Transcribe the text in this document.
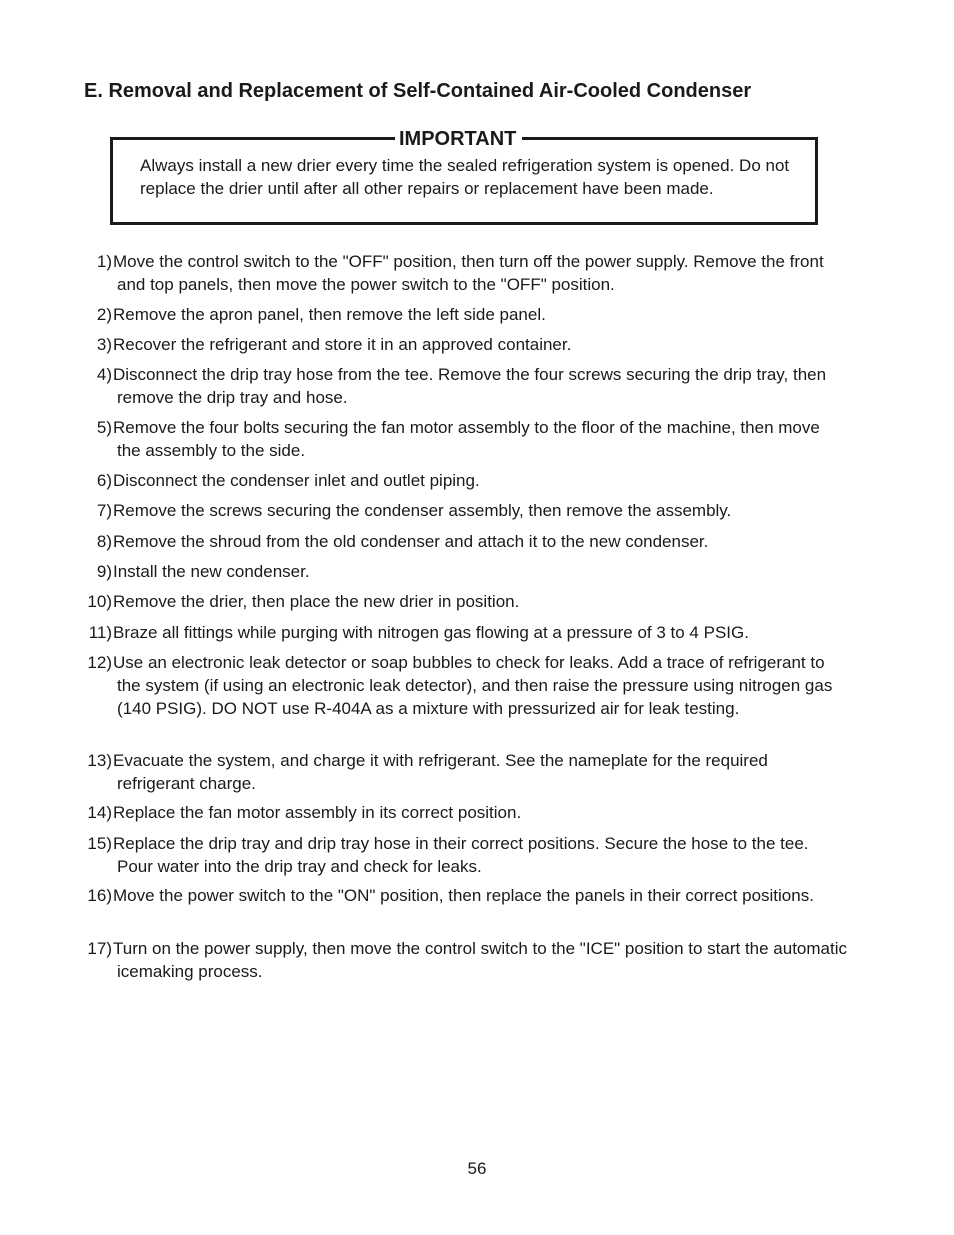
E. Removal and Replacement of Self-Contained Air-Cooled Condenser
IMPORTANT
Always install a new drier every time the sealed refrigeration system is opened. Do not replace the drier until after all other repairs or replacement have been made.
1) Move the control switch to the "OFF" position, then turn off the power supply. Remove the front and top panels, then move the power switch to the "OFF" position.
2) Remove the apron panel, then remove the left side panel.
3) Recover the refrigerant and store it in an approved container.
4) Disconnect the drip tray hose from the tee. Remove the four screws securing the drip tray, then remove the drip tray and hose.
5) Remove the four bolts securing the fan motor assembly to the floor of the machine, then move the assembly to the side.
6) Disconnect the condenser inlet and outlet piping.
7) Remove the screws securing the condenser assembly, then remove the assembly.
8) Remove the shroud from the old condenser and attach it to the new condenser.
9) Install the new condenser.
10) Remove the drier, then place the new drier in position.
11) Braze all fittings while purging with nitrogen gas flowing at a pressure of 3 to 4 PSIG.
12) Use an electronic leak detector or soap bubbles to check for leaks. Add a trace of refrigerant to the system (if using an electronic leak detector), and then raise the pressure using nitrogen gas (140 PSIG). DO NOT use R-404A as a mixture with pressurized air for leak testing.
13) Evacuate the system, and charge it with refrigerant. See the nameplate for the required refrigerant charge.
14) Replace the fan motor assembly in its correct position.
15) Replace the drip tray and drip tray hose in their correct positions. Secure the hose to the tee. Pour water into the drip tray and check for leaks.
16) Move the power switch to the "ON" position, then replace the panels in their correct positions.
17) Turn on the power supply, then move the control switch to the "ICE" position to start the automatic icemaking process.
56
